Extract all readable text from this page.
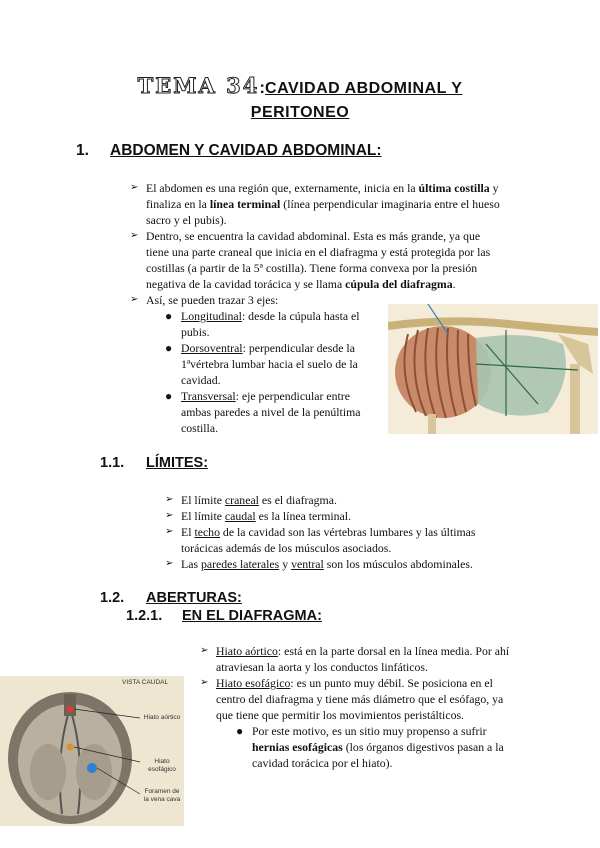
TEMA 34:CAVIDAD ABDOMINAL Y
PERITONEO
1. ABDOMEN Y CAVIDAD ABDOMINAL:
➢ El abdomen es una región que, externamente, inicia en la última costilla y finaliza en la línea terminal (línea perpendicular imaginaria entre el hueso sacro y el pubis).
➢ Dentro, se encuentra la cavidad abdominal. Esta es más grande, ya que tiene una parte craneal que inicia en el diafragma y está protegida por las costillas (a partir de la 5ª costilla). Tiene forma convexa por la presión negativa de la cavidad torácica y se llama cúpula del diafragma.
➢ Así, se pueden trazar 3 ejes:
● Longitudinal: desde la cúpula hasta el pubis.
● Dorsoventral: perpendicular desde la 1ªvértebra lumbar hacia el suelo de la cavidad.
● Transversal: eje perpendicular entre ambas paredes a nivel de la penúltima costilla.
1.1. LÍMITES:
➢ El límite craneal es el diafragma.
➢ El límite caudal es la línea terminal.
➢ El techo de la cavidad son las vértebras lumbares y las últimas torácicas además de los músculos asociados.
➢ Las paredes laterales y ventral son los músculos abdominales.
1.2. ABERTURAS:
1.2.1. EN EL DIAFRAGMA:
➢ Hiato aórtico: está en la parte dorsal en la línea media. Por ahí atraviesan la aorta y los conductos linfáticos.
➢ Hiato esofágico: es un punto muy débil. Se posiciona en el centro del diafragma y tiene más diámetro que el esófago, ya que tiene que permitir los movimientos peristálticos.
● Por este motivo, es un sitio muy propenso a sufrir hernias esofágicas (los órganos digestivos pasan a la cavidad torácica por el hiato).
VISTA CAUDAL
Hiato aórtico
Hiato esofágico
Foramen de la vena cava
